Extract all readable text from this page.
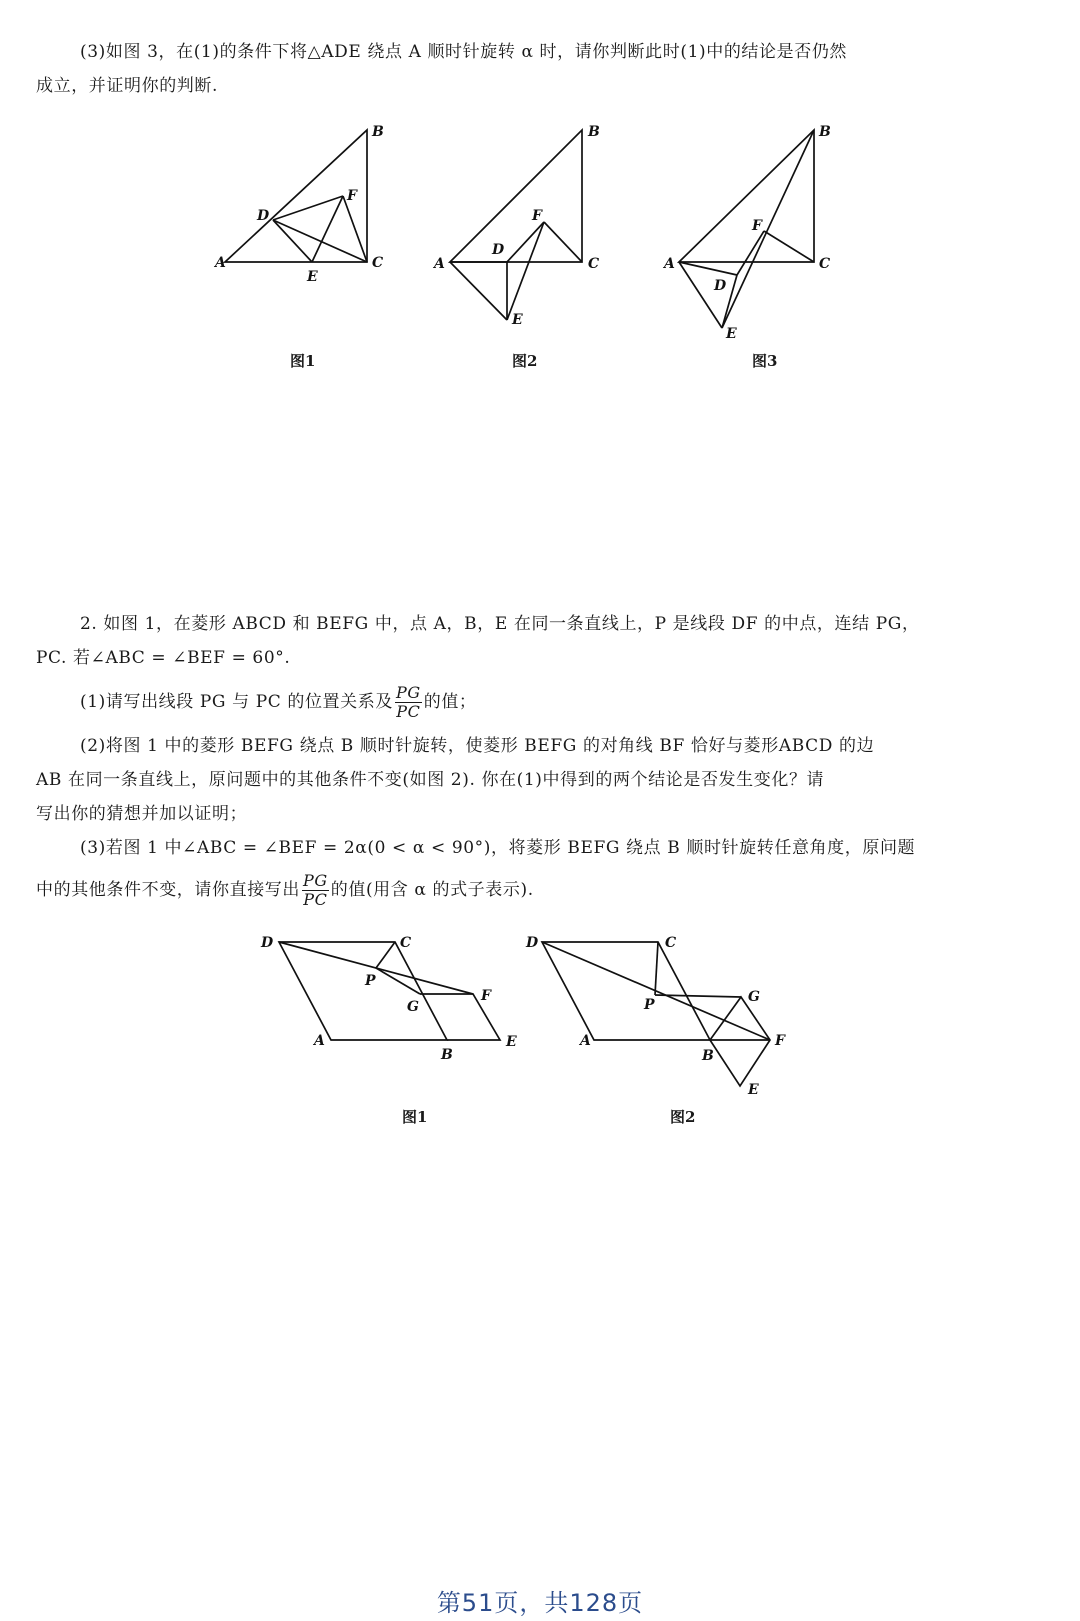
(3)如图 3，在(1)的条件下将△ADE 绕点 A 顺时针旋转 α 时，请你判断此时(1)中的结论是否仍然
成立，并证明你的判断.
A
B
C
D
E
F
图1
A
B
C
D
E
F
图2
A
B
C
D
E
F
图3
2. 如图 1，在菱形 ABCD 和 BEFG 中，点 A，B，E 在同一条直线上，P 是线段 DF 的中点，连结 PG，
PC. 若∠ABC = ∠BEF = 60°.
(1)请写出线段 PG 与 PC 的位置关系及 $\frac{PG}{PC}$ 的值；
(2)将图 1 中的菱形 BEFG 绕点 B 顺时针旋转，使菱形 BEFG 的对角线 BF 恰好与菱形ABCD 的边
AB 在同一条直线上，原问题中的其他条件不变(如图 2). 你在(1)中得到的两个结论是否发生变化？请
写出你的猜想并加以证明；
(3)若图 1 中∠ABC = ∠BEF = 2α(0 < α < 90°)，将菱形 BEFG 绕点 B 顺时针旋转任意角度，原问题
中的其他条件不变，请你直接写出 $\frac{PG}{PC}$ 的值(用含 α 的式子表示).
D	C
P
G
F
A
B
E
图1
D	C
P	G
F
A
B
E
图2
第51页，共128页
